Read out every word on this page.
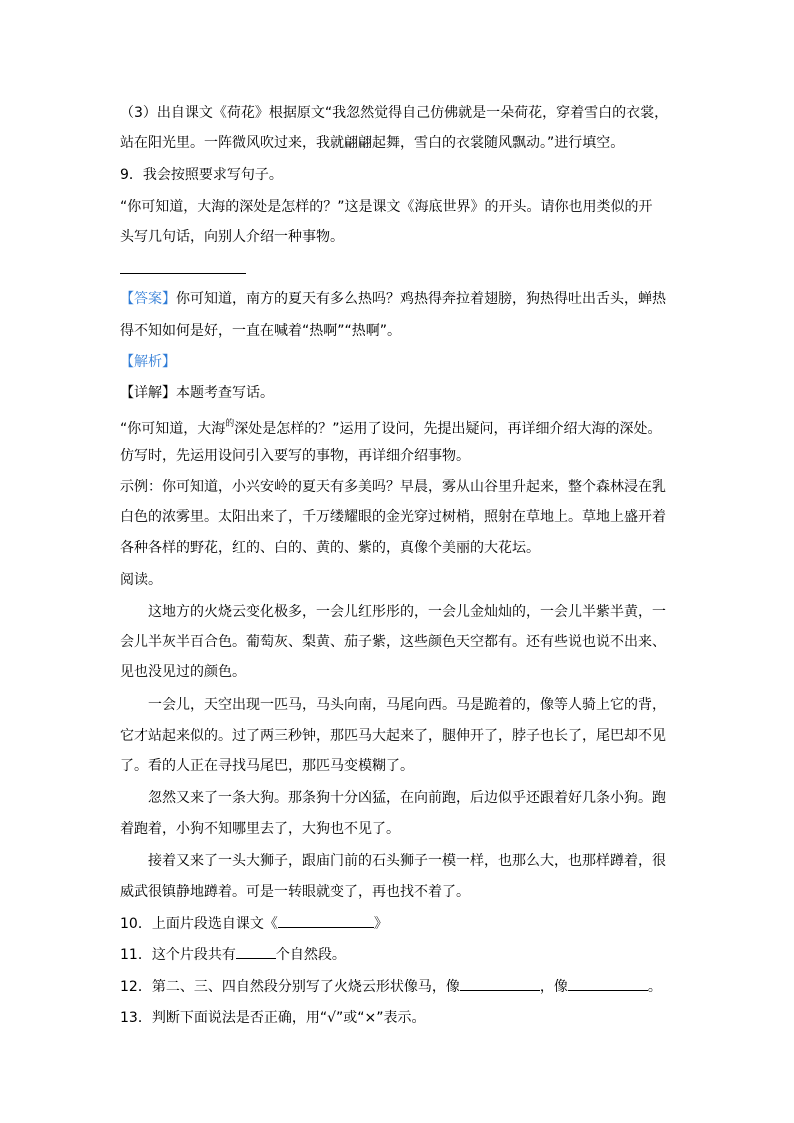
（3）出自课文《荷花》根据原文“我忽然觉得自己仿佛就是一朵荷花，穿着雪白的衣裳，
站在阳光里。一阵微风吹过来，我就翩翩起舞，雪白的衣裳随风飘动。”进行填空。
9．我会按照要求写句子。
“你可知道，大海的深处是怎样的？”这是课文《海底世界》的开头。请你也用类似的开
头写几句话，向别人介绍一种事物。
【答案】你可知道，南方的夏天有多么热吗？鸡热得奔拉着翅膀，狗热得吐出舌头，蝉热
得不知如何是好，一直在喊着“热啊”“热啊”。
【解析】
【详解】本题考查写话。
“你可知道，大海$^的$深处是怎样的？”运用了设问，先提出疑问，再详细介绍大海的深处。
仿写时，先运用设问引入要写的事物，再详细介绍事物。
示例：你可知道，小兴安岭的夏天有多美吗？早晨，雾从山谷里升起来，整个森林浸在乳
白色的浓雾里。太阳出来了，千万缕耀眼的金光穿过树梢，照射在草地上。草地上盛开着
各种各样的野花，红的、白的、黄的、紫的，真像个美丽的大花坛。
阅读。
这地方的火烧云变化极多，一会儿红彤彤的，一会儿金灿灿的，一会儿半紫半黄，一
会儿半灰半百合色。葡萄灰、梨黄、茄子紫，这些颜色天空都有。还有些说也说不出来、
见也没见过的颜色。
一会儿，天空出现一匹马，马头向南，马尾向西。马是跪着的，像等人骑上它的背，
它才站起来似的。过了两三秒钟，那匹马大起来了，腿伸开了，脖子也长了，尾巴却不见
了。看的人正在寻找马尾巴，那匹马变模糊了。
忽然又来了一条大狗。那条狗十分凶猛，在向前跑，后边似乎还跟着好几条小狗。跑
着跑着，小狗不知哪里去了，大狗也不见了。
接着又来了一头大狮子，跟庙门前的石头狮子一模一样，也那么大，也那样蹲着，很
威武很镇静地蹲着。可是一转眼就变了，再也找不着了。
10．上面片段选自课文《	》
11．这个片段共有	个自然段。
12．第二、三、四自然段分别写了火烧云形状像马，像	，像	。
13．判断下面说法是否正确，用“√”或“×”表示。
